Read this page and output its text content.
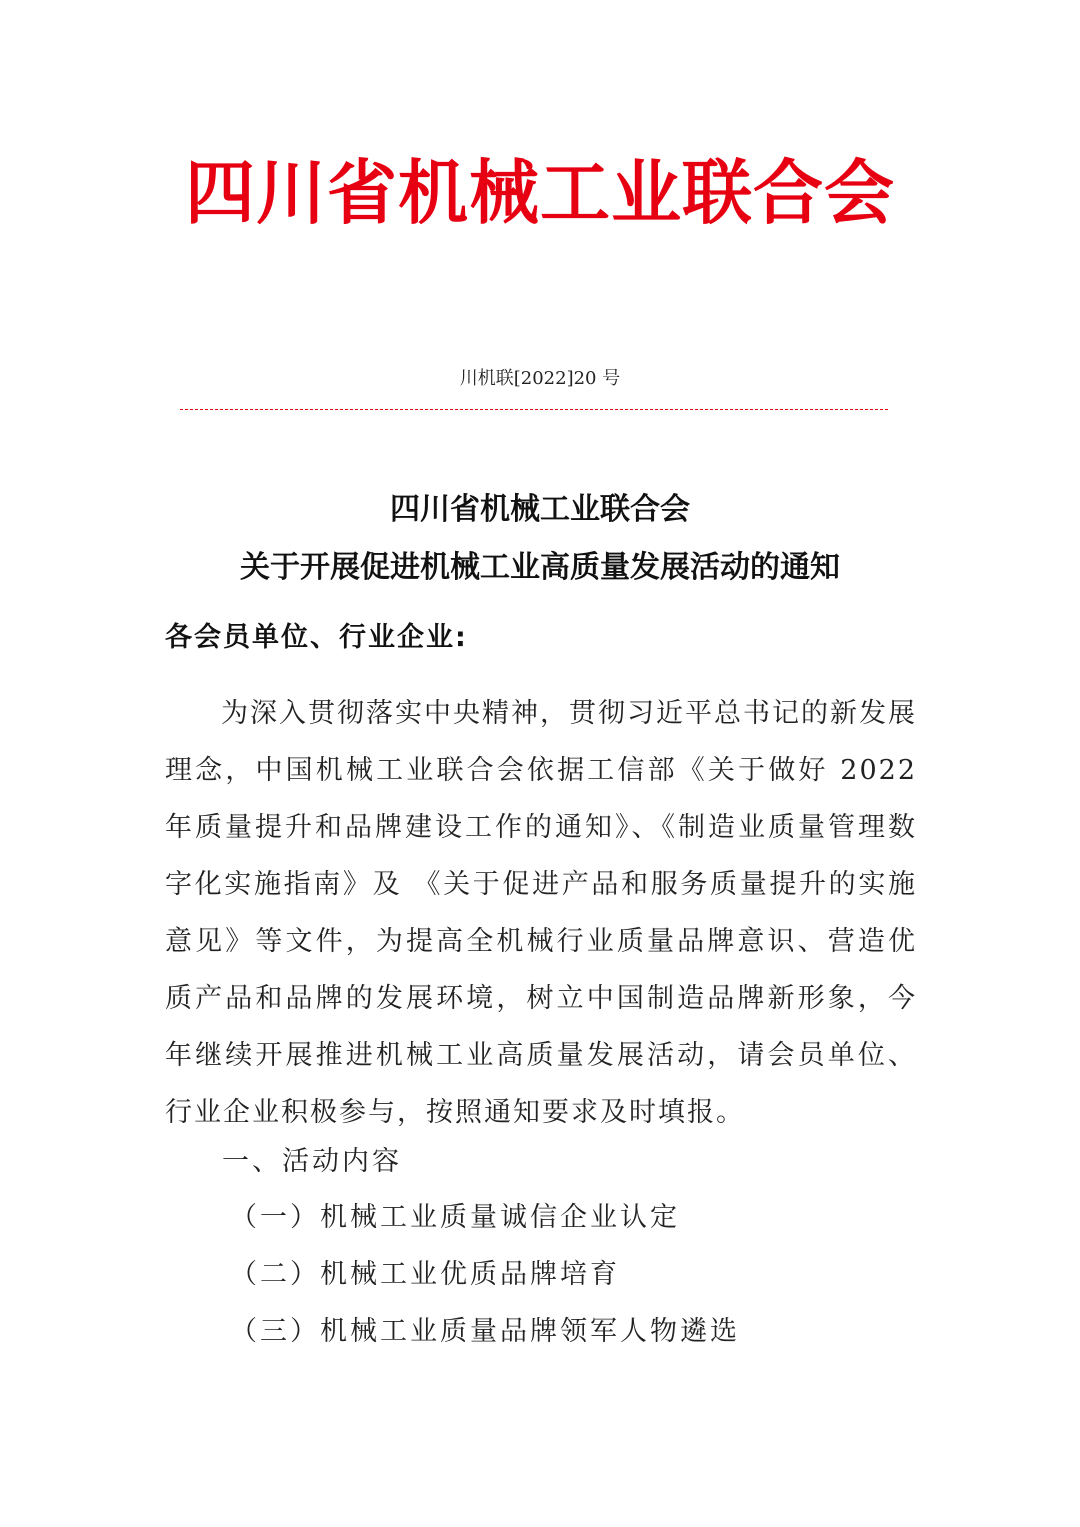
四川省机械工业联合会
川机联[2022]20 号
四川省机械工业联合会
关于开展促进机械工业高质量发展活动的通知
各会员单位、行业企业:

为深入贯彻落实中央精神，贯彻习近平总书记的新发展理念，中国机械工业联合会依据工信部《关于做好 2022 年质量提升和品牌建设工作的通知》、《制造业质量管理数字化实施指南》及 《关于促进产品和服务质量提升的实施意见》等文件，为提高全机械行业质量品牌意识、营造优质产品和品牌的发展环境，树立中国制造品牌新形象，今年继续开展推进机械工业高质量发展活动，请会员单位、行业企业积极参与，按照通知要求及时填报。

一、活动内容
（一）机械工业质量诚信企业认定
（二）机械工业优质品牌培育
（三）机械工业质量品牌领军人物遴选
